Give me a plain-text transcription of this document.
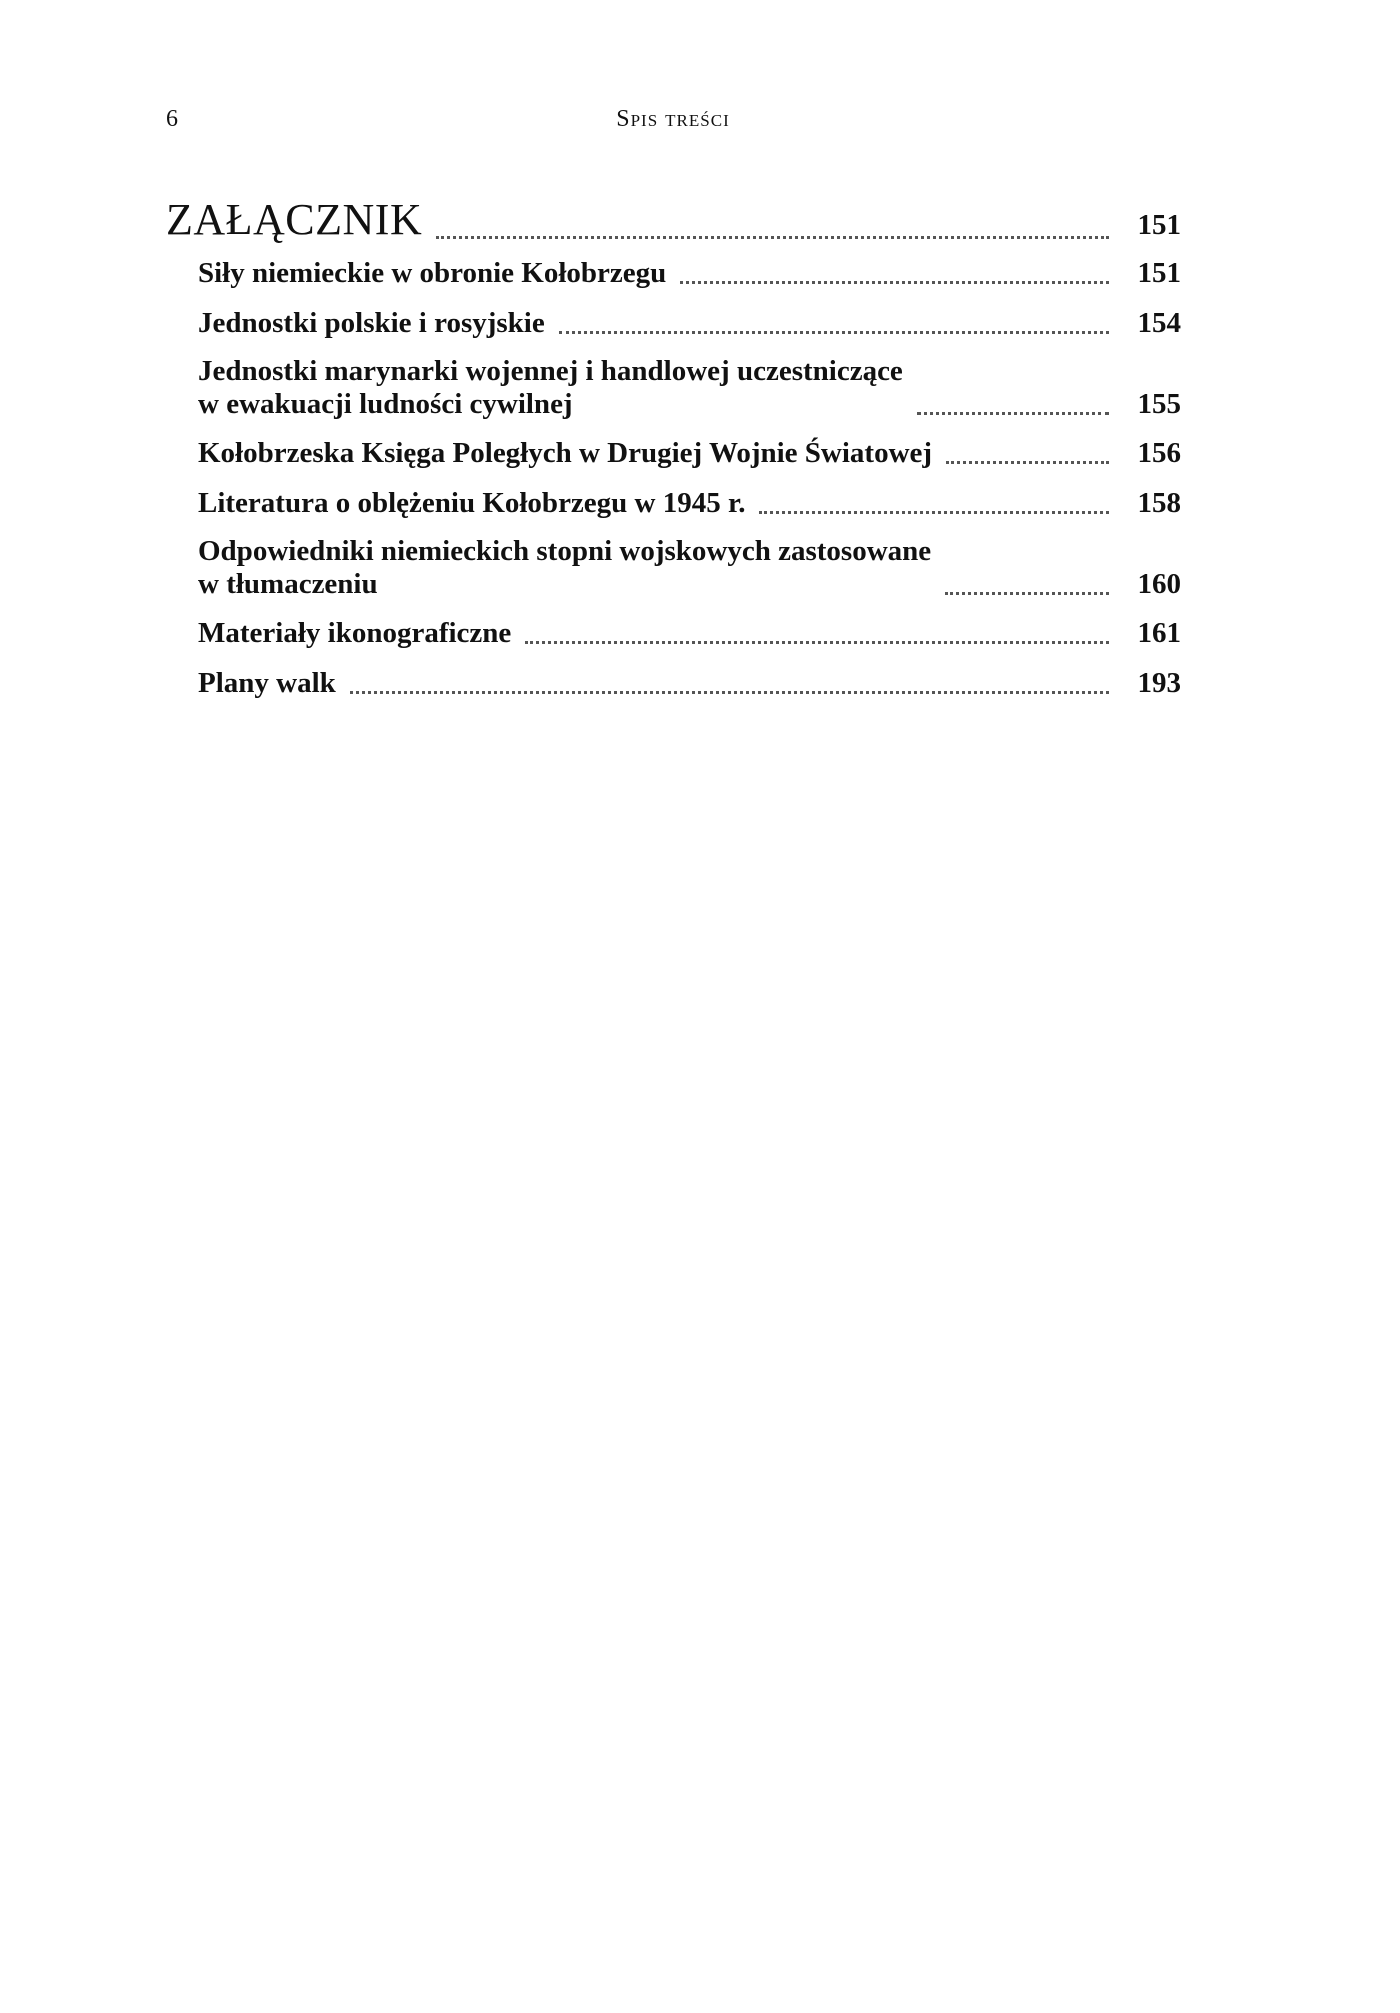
6	Spis treści
ZAŁĄCZNIK	151
Siły niemieckie w obronie Kołobrzegu	151
Jednostki polskie i rosyjskie	154
Jednostki marynarki wojennej i handlowej uczestniczące
w ewakuacji ludności cywilnej	155
Kołobrzeska Księga Poległych w Drugiej Wojnie Światowej	156
Literatura o oblężeniu Kołobrzegu w 1945 r.	158
Odpowiedniki niemieckich stopni wojskowych zastosowane
w tłumaczeniu	160
Materiały ikonograficzne	161
Plany walk	193
